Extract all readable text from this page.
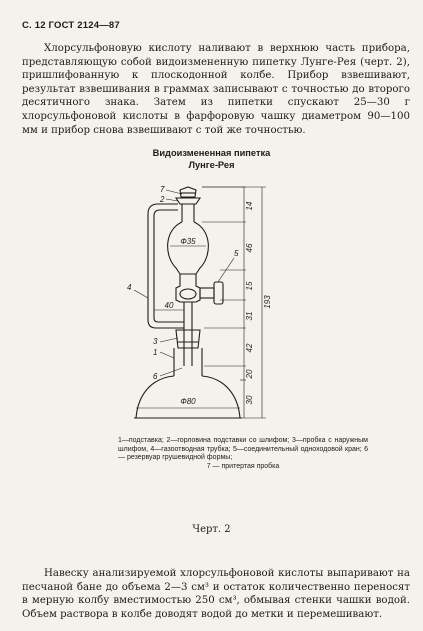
С. 12 ГОСТ 2124—87

Хлорсульфоновую кислоту наливают в верхнюю часть прибора, представляющую собой видоизмененную пипетку Лунге-Рея (черт. 2), пришлифованную к плоскодонной колбе. Прибор взвешивают, результат взвешивания в граммах записывают с точностью до второго десятичного знака. Затем из пипетки спускают 25—30 г хлорсульфоновой кислоты в фарфоровую чашку диаметром 90—100 мм и прибор снова взвешивают с той же точностью.

Видоизмененная пипетка
Лунге-Рея
7
2
5
4
3
1
6
Ф35
40
Ф80
14
46
15
31
42
20
30
193

1—подставка; 2—горловина подставки со шлифом; 3—пробка с наружным шлифом, 4—газоотводная трубка; 5—соединительный одноходовой кран; 6 — резервуар грушевидной формы;
7 — притертая пробка

Черт. 2

Навеску анализируемой хлорсульфоновой кислоты выпаривают на песчаной бане до объема 2—3 см³ и остаток количественно переносят в мерную колбу вместимостью 250 см³, обмывая стенки чашки водой. Объем раствора в колбе доводят водой до метки и перемешивают.
